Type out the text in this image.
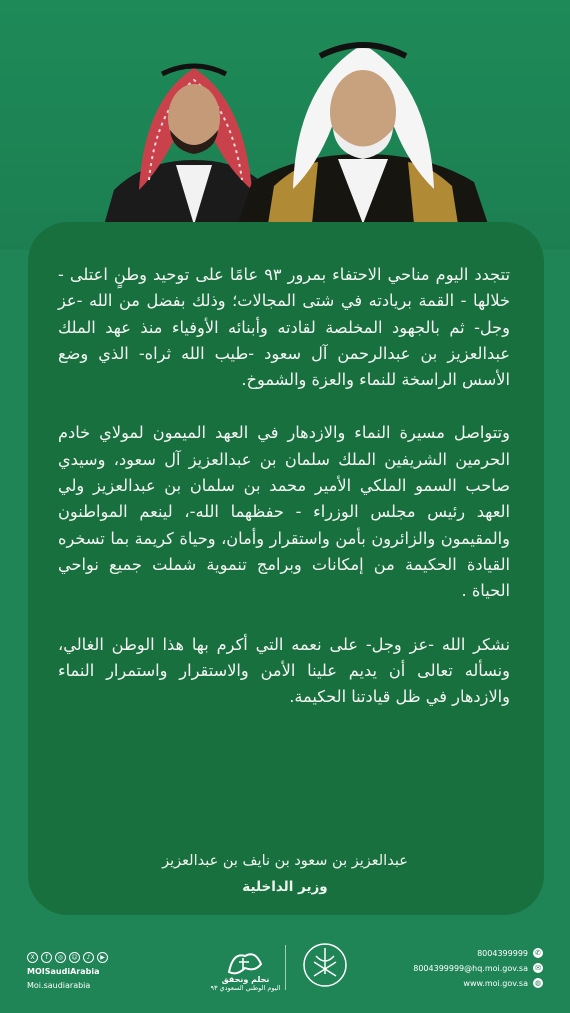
تتجدد اليوم مناحي الاحتفاء بمرور ٩٣ عامًا على توحيد وطنٍ اعتلى - خلالها - القمة بريادته في شتى المجالات؛ وذلك بفضل من الله -عز وجل- ثم بالجهود المخلصة لقادته وأبنائه الأوفياء منذ عهد الملك عبدالعزيز بن عبدالرحمن آل سعود -طيب الله ثراه- الذي وضع الأسس الراسخة للنماء والعزة والشموخ.

وتتواصل مسيرة النماء والازدهار في العهد الميمون لمولاي خادم الحرمين الشريفين الملك سلمان بن عبدالعزيز آل سعود، وسيدي صاحب السمو الملكي الأمير محمد بن سلمان بن عبدالعزيز ولي العهد رئيس مجلس الوزراء - حفظهما الله-، لينعم المواطنون والمقيمون والزائرون بأمن واستقرار وأمان، وحياة كريمة بما تسخره القيادة الحكيمة من إمكانات وبرامج تنموية شملت جميع نواحي الحياة .

نشكر الله -عز وجل- على نعمه التي أكرم بها هذا الوطن الغالي، ونسأله تعالى أن يديم علينا الأمن والاستقرار واستمرار النماء والازدهار في ظل قيادتنا الحكيمة.

عبدالعزيز بن سعود بن نايف بن عبدالعزيز
وزير الداخلية
X	f	◎	☺	♪	▶
MOISaudiArabia
Moi.saudiarabia
نحلم ونحقق
اليوم الوطني السعودي ٩٣
8004399999 ✆
8004399999@hq.moi.gov.sa ✉
www.moi.gov.sa ◍
